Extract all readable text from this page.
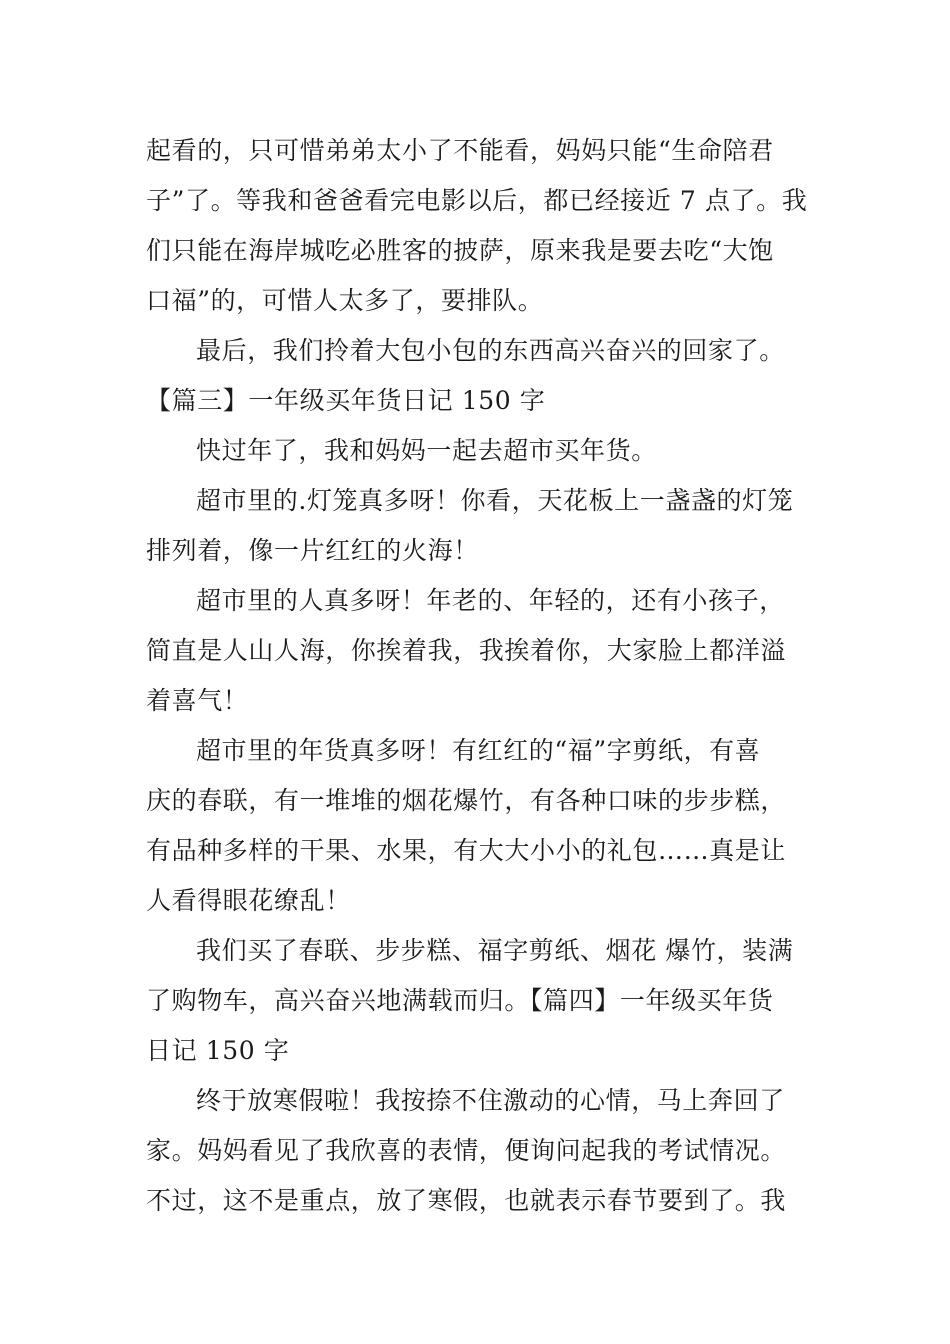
起看的，只可惜弟弟太小了不能看，妈妈只能“生命陪君
子”了。等我和爸爸看完电影以后，都已经接近 7 点了。我
们只能在海岸城吃必胜客的披萨，原来我是要去吃“大饱
口福”的，可惜人太多了，要排队。
最后，我们拎着大包小包的东西高兴奋兴的回家了。
【篇三】一年级买年货日记 150 字
快过年了，我和妈妈一起去超市买年货。
超市里的.灯笼真多呀！你看，天花板上一盏盏的灯笼
排列着，像一片红红的火海！
超市里的人真多呀！年老的、年轻的，还有小孩子，
简直是人山人海，你挨着我，我挨着你，大家脸上都洋溢
着喜气！
超市里的年货真多呀！有红红的“福”字剪纸，有喜
庆的春联，有一堆堆的烟花爆竹，有各种口味的步步糕，
有品种多样的干果、水果，有大大小小的礼包……真是让
人看得眼花缭乱！
我们买了春联、步步糕、福字剪纸、烟花 爆竹，装满
了购物车，高兴奋兴地满载而归。【篇四】一年级买年货
日记 150 字
终于放寒假啦！我按捺不住激动的心情，马上奔回了
家。妈妈看见了我欣喜的表情，便询问起我的考试情况。
不过，这不是重点，放了寒假，也就表示春节要到了。我
